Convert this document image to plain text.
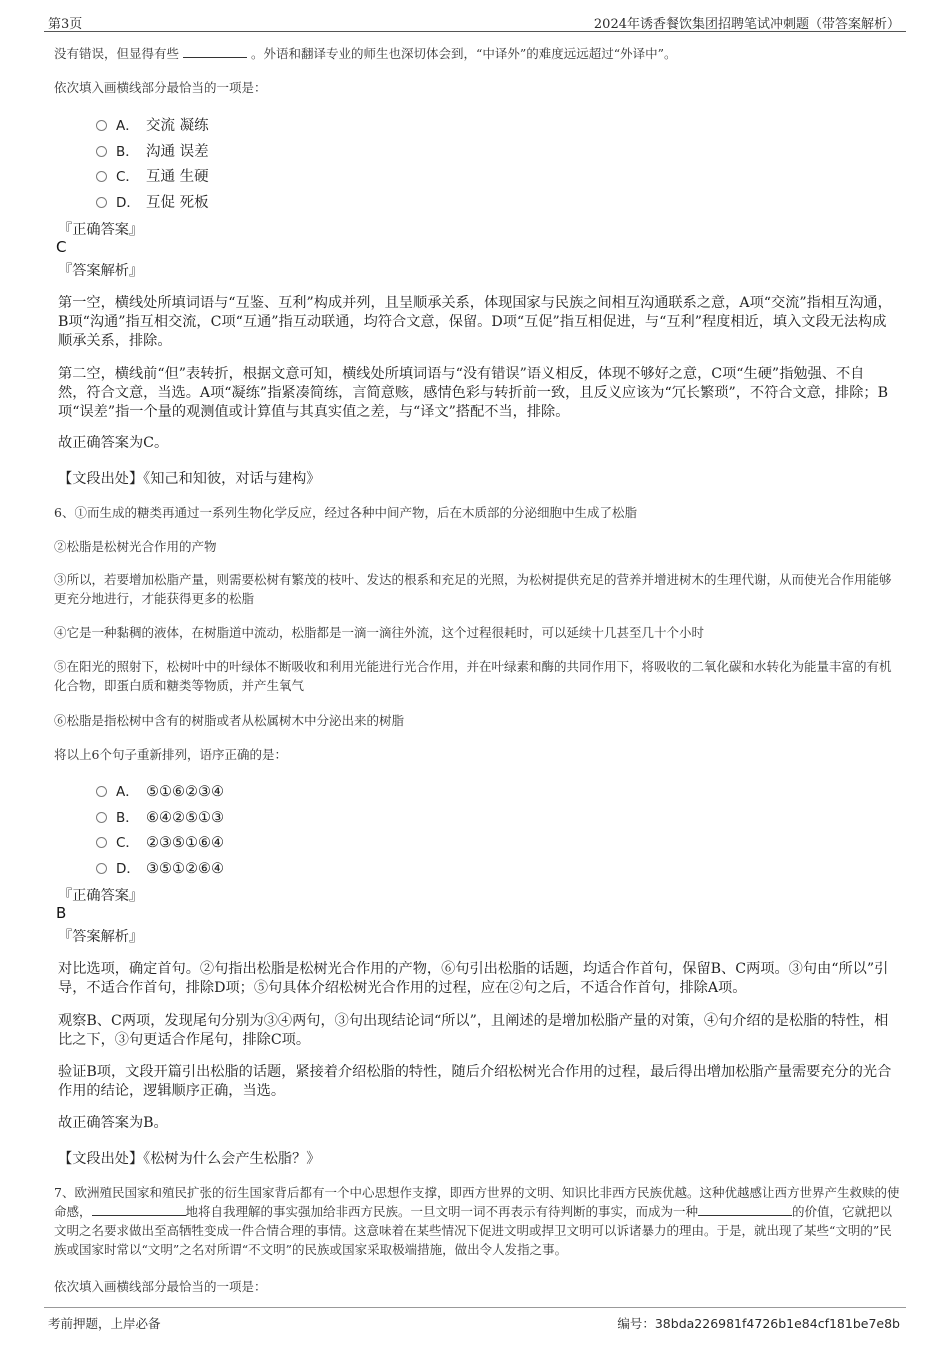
第3页	2024年诱香餐饮集团招聘笔试冲刺题（带答案解析）
没有错误，但显得有些	。外语和翻译专业的师生也深切体会到，“中译外”的难度远远超过“外译中”。
依次填入画横线部分最恰当的一项是：
A． 交流 凝练
B． 沟通 误差
C． 互通 生硬
D． 互促 死板
『正确答案』
C
『答案解析』
第一空，横线处所填词语与“互鉴、互利”构成并列，且呈顺承关系，体现国家与民族之间相互沟通联系之意，A项“交流”指相互沟通，B项“沟通”指互相交流，C项“互通”指互动联通，均符合文意，保留。D项“互促”指互相促进，与“互利”程度相近，填入文段无法构成顺承关系，排除。
第二空，横线前“但”表转折，根据文意可知，横线处所填词语与“没有错误”语义相反，体现不够好之意，C项“生硬”指勉强、不自然，符合文意，当选。A项“凝练”指紧凑简练，言简意赅，感情色彩与转折前一致，且反义应该为“冗长繁琐”，不符合文意，排除；B项“误差”指一个量的观测值或计算值与其真实值之差，与“译文”搭配不当，排除。
故正确答案为C。
【文段出处】《知己和知彼，对话与建构》
6、①而生成的糖类再通过一系列生物化学反应，经过各种中间产物，后在木质部的分泌细胞中生成了松脂
②松脂是松树光合作用的产物
③所以，若要增加松脂产量，则需要松树有繁茂的枝叶、发达的根系和充足的光照，为松树提供充足的营养并增进树木的生理代谢，从而使光合作用能够更充分地进行，才能获得更多的松脂
④它是一种黏稠的液体，在树脂道中流动，松脂都是一滴一滴往外流，这个过程很耗时，可以延续十几甚至几十个小时
⑤在阳光的照射下，松树叶中的叶绿体不断吸收和利用光能进行光合作用，并在叶绿素和酶的共同作用下，将吸收的二氧化碳和水转化为能量丰富的有机化合物，即蛋白质和糖类等物质，并产生氧气
⑥松脂是指松树中含有的树脂或者从松属树木中分泌出来的树脂
将以上6个句子重新排列，语序正确的是：
A． ⑤①⑥②③④
B． ⑥④②⑤①③
C． ②③⑤①⑥④
D． ③⑤①②⑥④
『正确答案』
B
『答案解析』
对比选项，确定首句。②句指出松脂是松树光合作用的产物，⑥句引出松脂的话题，均适合作首句，保留B、C两项。③句由“所以”引导，不适合作首句，排除D项；⑤句具体介绍松树光合作用的过程，应在②句之后，不适合作首句，排除A项。
观察B、C两项，发现尾句分别为③④两句，③句出现结论词“所以”，且阐述的是增加松脂产量的对策，④句介绍的是松脂的特性，相比之下，③句更适合作尾句，排除C项。
验证B项，文段开篇引出松脂的话题，紧接着介绍松脂的特性，随后介绍松树光合作用的过程，最后得出增加松脂产量需要充分的光合作用的结论，逻辑顺序正确，当选。
故正确答案为B。
【文段出处】《松树为什么会产生松脂？》
7、欧洲殖民国家和殖民扩张的衍生国家背后都有一个中心思想作支撑，即西方世界的文明、知识比非西方民族优越。这种优越感让西方世界产生救赎的使命感，	地将自我理解的事实强加给非西方民族。一旦文明一词不再表示有待判断的事实，而成为一种	的价值，它就把以文明之名要求做出至高牺牲变成一件合情合理的事情。这意味着在某些情况下促进文明或捍卫文明可以诉诸暴力的理由。于是，就出现了某些“文明的”民族或国家时常以“文明”之名对所谓“不文明”的民族或国家采取极端措施，做出令人发指之事。
依次填入画横线部分最恰当的一项是：
考前押题，上岸必备	编号：38bda226981f4726b1e84cf181be7e8b
